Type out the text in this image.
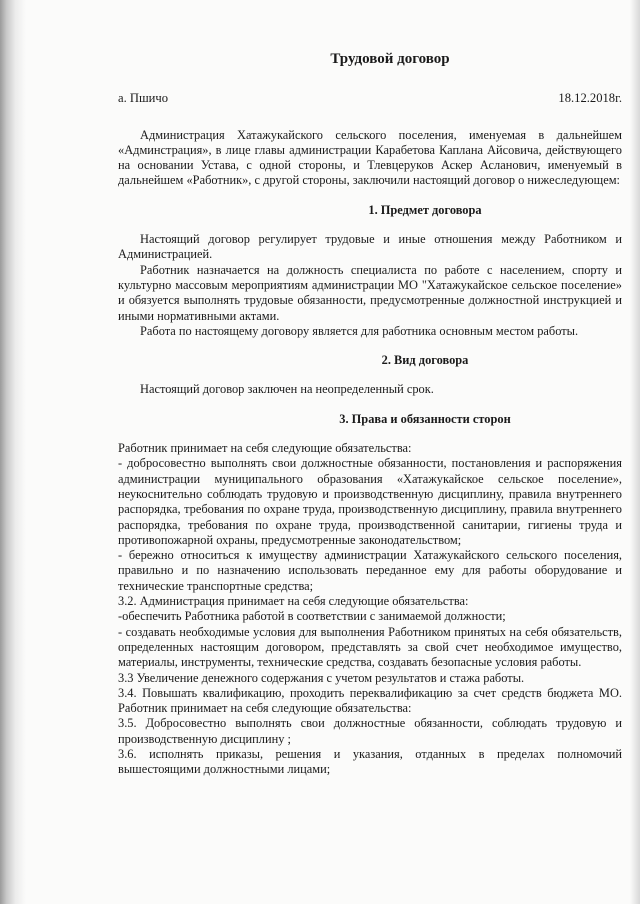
Трудовой договор
а. Пшичо	18.12.2018г.

Администрация Хатажукайского сельского поселения, именуемая в дальнейшем «Админстрация», в лице главы администрации Карабетова Каплана Айсовича, действующего на основании Устава, с одной стороны, и Тлевцеруков Аскер Асланович, именуемый в дальнейшем «Работник», с другой стороны, заключили настоящий договор о нижеследующем:

1. Предмет договора

Настоящий договор регулирует трудовые и иные отношения между Работником и Администрацией.

Работник назначается на должность специалиста по работе с населением, спорту и культурно массовым мероприятиям администрации МО "Хатажукайское сельское поселение» и обязуется выполнять трудовые обязанности, предусмотренные должностной инструкцией и иными нормативными актами.

Работа по настоящему договору является для работника основным местом работы.

2. Вид договора

Настоящий договор заключен на неопределенный срок.

3. Права и обязанности сторон

Работник принимает на себя следующие обязательства:

- добросовестно выполнять свои должностные обязанности, постановления и распоряжения администрации муниципального образования «Хатажукайское сельское поселение», неукоснительно соблюдать трудовую и производственную дисциплину, правила внутреннего распорядка, требования по охране труда, производственную дисциплину, правила внутреннего распорядка, требования по охране труда, производственной санитарии, гигиены труда и противопожарной охраны, предусмотренные законодательством;

- бережно относиться к имуществу администрации Хатажукайского сельского поселения, правильно и по назначению использовать переданное ему для работы оборудование и технические транспортные средства;

3.2. Администрация принимает на себя следующие обязательства:

-обеспечить Работника работой в соответствии с занимаемой должности;

- создавать необходимые условия для выполнения Работником принятых на себя обязательств, определенных настоящим договором, представлять за свой счет необходимое имущество, материалы, инструменты, технические средства, создавать безопасные условия работы.

3.3 Увеличение денежного содержания с учетом результатов и стажа работы.

3.4. Повышать квалификацию, проходить переквалификацию за счет средств бюджета МО. Работник принимает на себя следующие обязательства:

3.5. Добросовестно выполнять свои должностные обязанности, соблюдать трудовую и производственную дисциплину ;

3.6. исполнять приказы, решения и указания, отданных в пределах полномочий вышестоящими должностными лицами;
